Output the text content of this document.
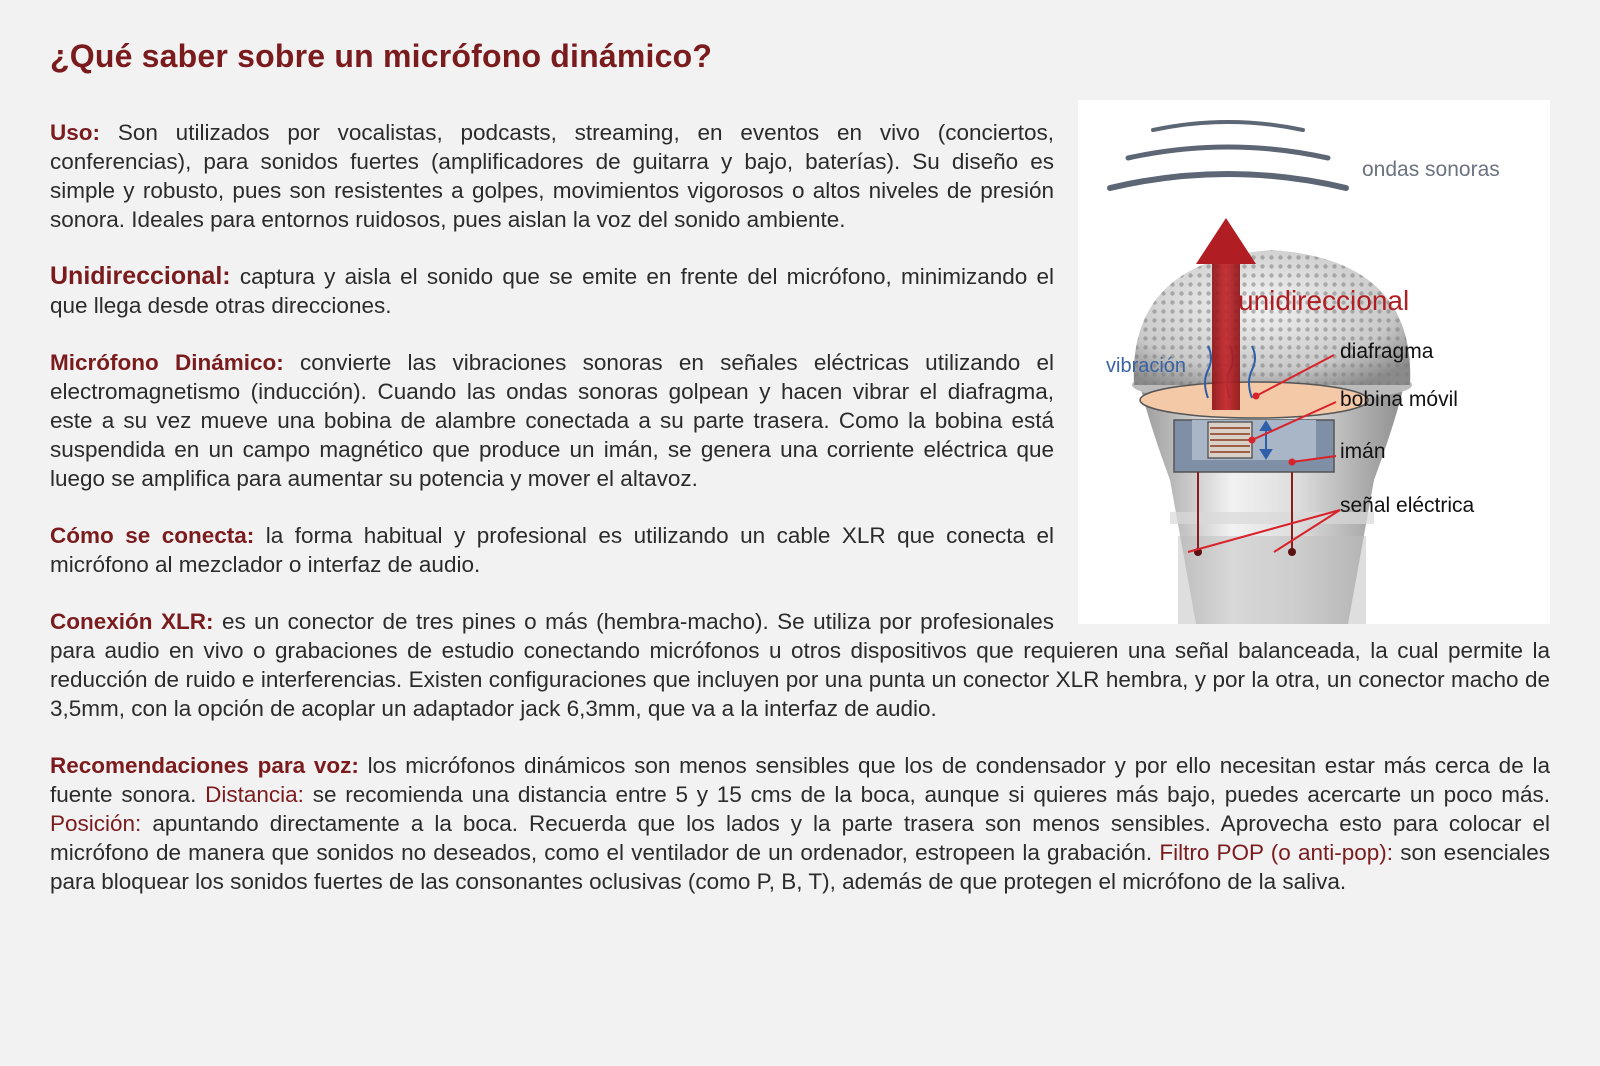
¿Qué saber sobre un micrófono dinámico?
ondas sonoras
vibración
unidireccional
diafragma
bobina móvil
imán
señal eléctrica

Uso: Son utilizados por vocalistas, podcasts, streaming, en eventos en vivo (conciertos, conferencias), para sonidos fuertes (amplificadores de guitarra y bajo, baterías). Su diseño es simple y robusto, pues son resistentes a golpes, movimientos vigorosos o altos niveles de presión sonora. Ideales para entornos ruidosos, pues aislan la voz del sonido ambiente.

Unidireccional: captura y aisla el sonido que se emite en frente del micrófono, minimizando el que llega desde otras direcciones.

Micrófono Dinámico: convierte las vibraciones sonoras en señales eléctricas utilizando el electromagnetismo (inducción). Cuando las ondas sonoras golpean y hacen vibrar el diafragma, este a su vez mueve una bobina de alambre conectada a su parte trasera. Como la bobina está suspendida en un campo magnético que produce un imán, se genera una corriente eléctrica que luego se amplifica para aumentar su potencia y mover el altavoz.

Cómo se conecta: la forma habitual y profesional es utilizando un cable XLR que conecta el micrófono al mezclador o interfaz de audio.

Conexión XLR: es un conector de tres pines o más (hembra-macho). Se utiliza por profesionales para audio en vivo o grabaciones de estudio conectando micrófonos u otros dispositivos que requieren una señal balanceada, la cual permite la reducción de ruido e interferencias. Existen configuraciones que incluyen por una punta un conector XLR hembra, y por la otra, un conector macho de 3,5mm, con la opción de acoplar un adaptador jack 6,3mm, que va a la interfaz de audio.

Recomendaciones para voz: los micrófonos dinámicos son menos sensibles que los de condensador y por ello necesitan estar más cerca de la fuente sonora. Distancia: se recomienda una distancia entre 5 y 15 cms de la boca, aunque si quieres más bajo, puedes acercarte un poco más. Posición: apuntando directamente a la boca. Recuerda que los lados y la parte trasera son menos sensibles. Aprovecha esto para colocar el micrófono de manera que sonidos no deseados, como el ventilador de un ordenador, estropeen la grabación. Filtro POP (o anti-pop): son esenciales para bloquear los sonidos fuertes de las consonantes oclusivas (como P, B, T), además de que protegen el micrófono de la saliva.
